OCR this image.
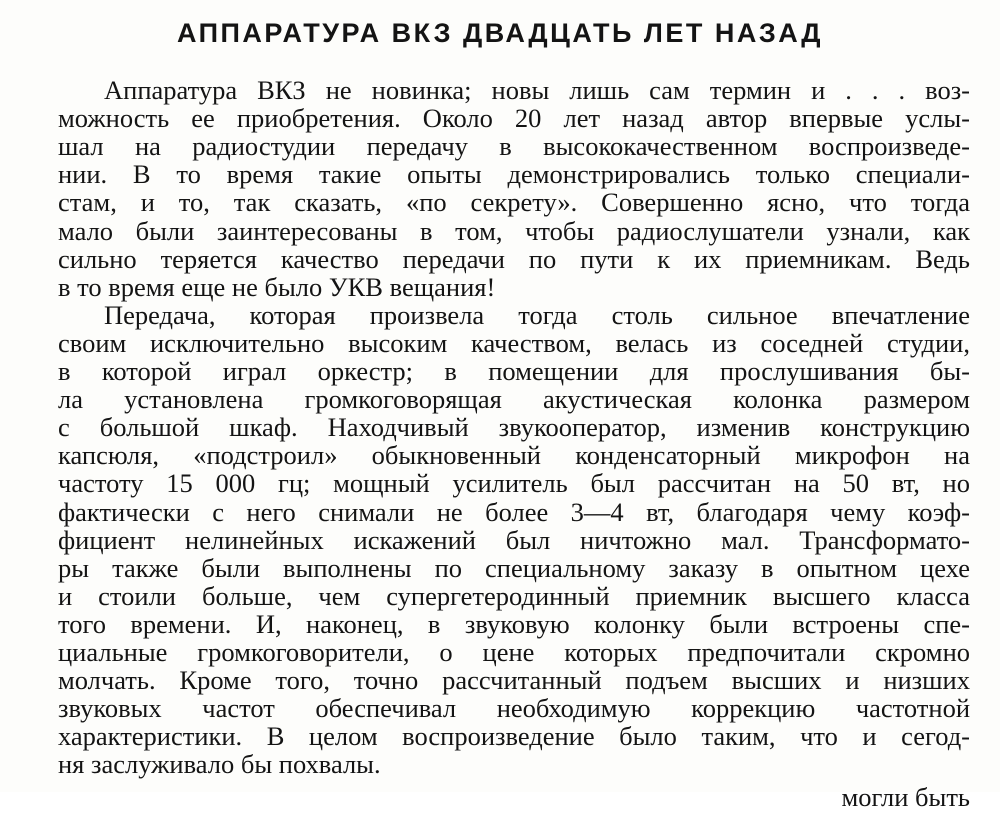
АППАРАТУРА ВКЗ ДВАДЦАТЬ ЛЕТ НАЗАД

Аппаратура ВКЗ не новинка; новы лишь сам термин и . . . воз-

можность ее приобретения. Около 20 лет назад автор впервые услы-

шал на радиостудии передачу в высококачественном воспроизведе-

нии. В то время такие опыты демонстрировались только специали-

стам, и то, так сказать, «по секрету». Совершенно ясно, что тогда

мало были заинтересованы в том, чтобы радиослушатели узнали, как

сильно теряется качество передачи по пути к их приемникам. Ведь

в то время еще не было УКВ вещания!

Передача, которая произвела тогда столь сильное впечатление

своим исключительно высоким качеством, велась из соседней студии,

в которой играл оркестр; в помещении для прослушивания бы-

ла установлена громкоговорящая акустическая колонка размером

с большой шкаф. Находчивый звукооператор, изменив конструкцию

капсюля, «подстроил» обыкновенный конденсаторный микрофон на

частоту 15 000 гц; мощный усилитель был рассчитан на 50 вт, но

фактически с него снимали не более 3—4 вт, благодаря чему коэф-

фициент нелинейных искажений был ничтожно мал. Трансформато-

ры также были выполнены по специальному заказу в опытном цехе

и стоили больше, чем супергетеродинный приемник высшего класса

того времени. И, наконец, в звуковую колонку были встроены спе-

циальные громкоговорители, о цене которых предпочитали скромно

молчать. Кроме того, точно рассчитанный подъем высших и низших

звуковых частот обеспечивал необходимую коррекцию частотной

характеристики. В целом воспроизведение было таким, что и сегод-

ня заслуживало бы похвалы.

могли быть
